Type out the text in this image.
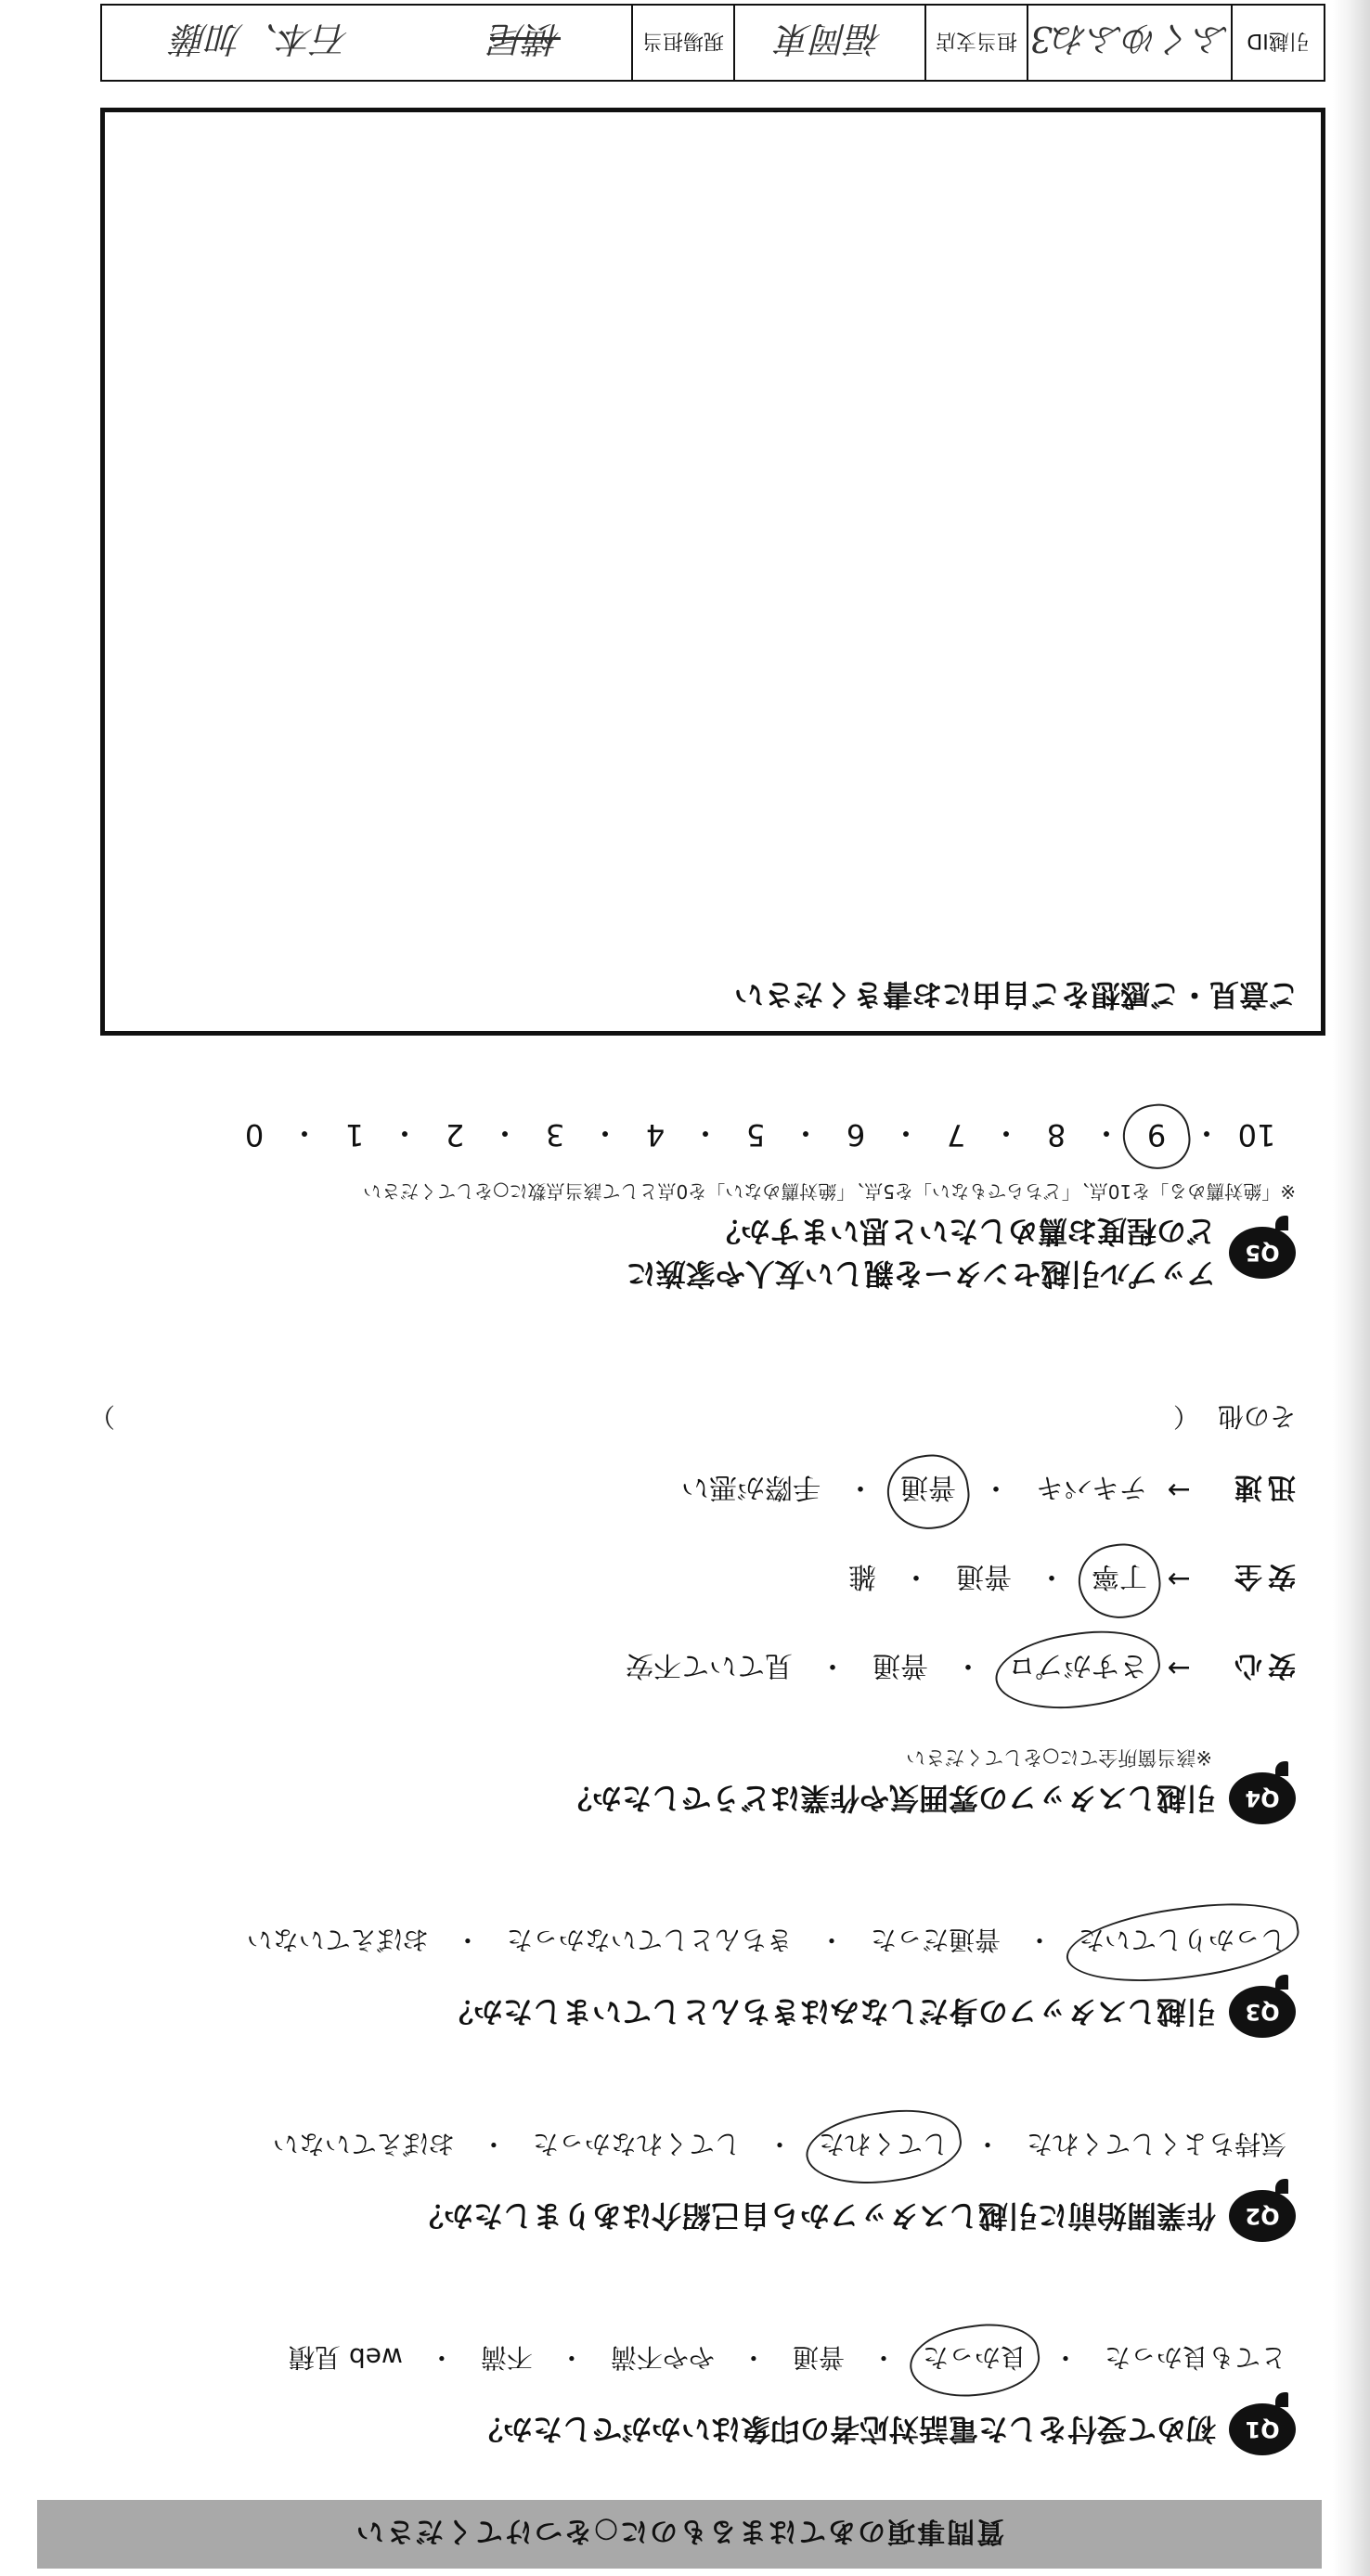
質問事項のあてはまるものに○をつけてください
Q1
初めて受付をした電話対応者の印象はいかがでしたか？
とても良かった
・
良かった
・
普通
・
やや不満
・
不満
・
web 見積
Q2
作業開始前に引越しスタッフから自己紹介はありましたか？
気持ちよくしてくれた
・
してくれた
・
してくれなかった
・
おぼえていない
Q3
引越しスタッフの身だしなみはきちんとしていましたか？
しっかりしていた
・
普通だった
・
きちんとしていなかった
・
おぼえていない
Q4
引越しスタッフの雰囲気や作業はどうでしたか？
※該当箇所全てに○をしてください
安心
→
さすがプロ
・
普通
・
見ていて不安
安全
→
丁寧
・
普通
・
雑
迅速
→
テキパキ
・
普通
・
手際が悪い
その他
（
）
Q5
アップル引越センターを親しい友人や家族に
どの程度お薦めしたいと思いますか？
※「絶対薦める」を10点、「どちらでもない」を5点、「絶対薦めない」を0点として該当点数に○をしてください
10
・
9
・
8
・
7
・
6
・
5
・
4
・
3
・
2
・
1
・
0
ご意見・ご感想をご自由にお書きください
引越ID
ふくゆふね3
担当支店
福岡東
現場担当
横尾
石本、加藤
